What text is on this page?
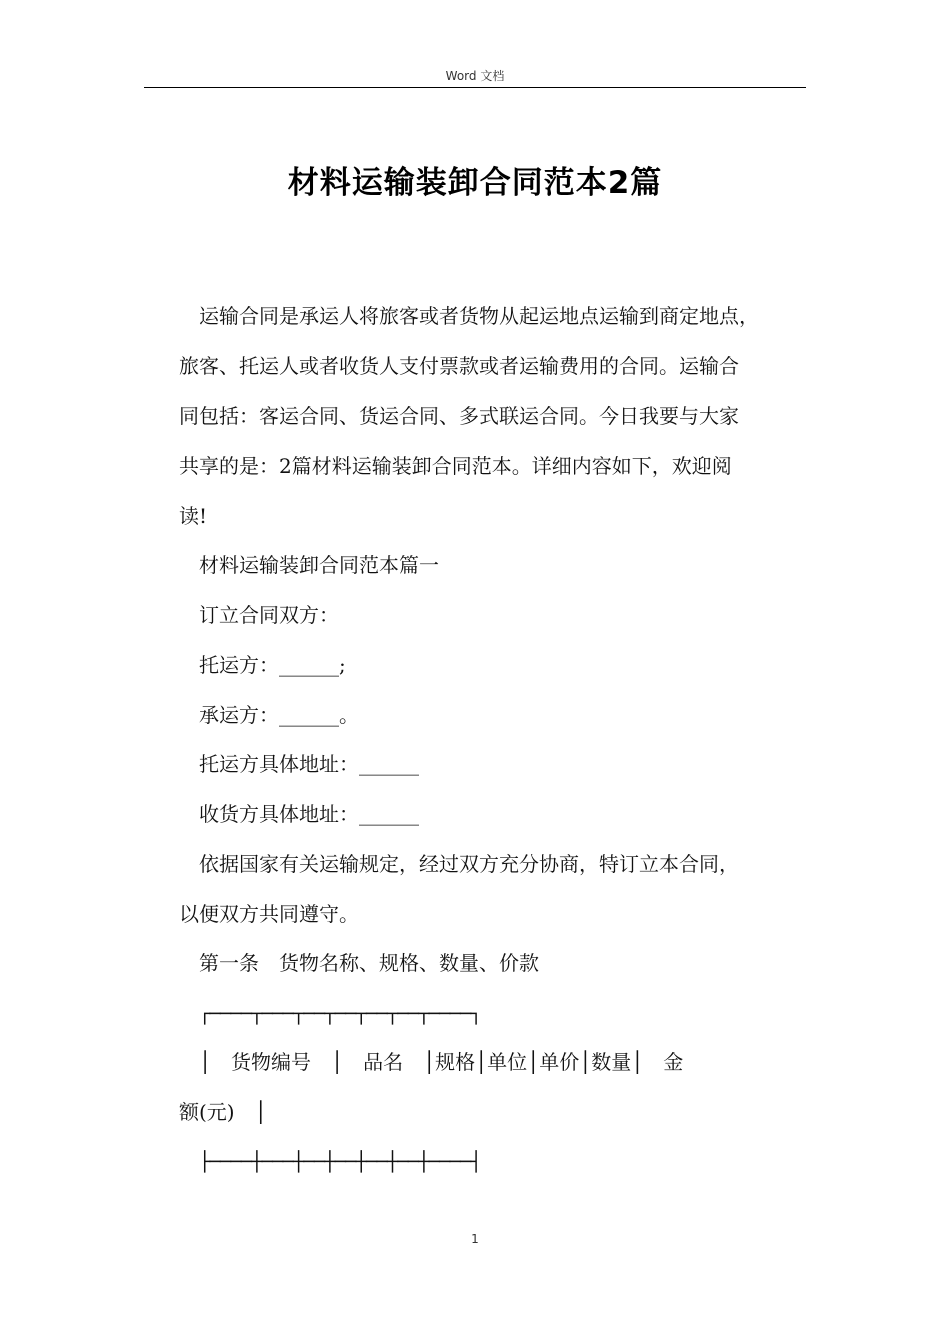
Word 文档
材料运输装卸合同范本2篇
运输合同是承运人将旅客或者货物从起运地点运输到商定地点，
旅客、托运人或者收货人支付票款或者运输费用的合同。运输合
同包括：客运合同、货运合同、多式联运合同。今日我要与大家
共享的是：2篇材料运输装卸合同范本。详细内容如下，欢迎阅
读!
材料运输装卸合同范本篇一
订立合同双方：
托运方：______;
承运方：______。
托运方具体地址：______
收货方具体地址：______
依据国家有关运输规定，经过双方充分协商，特订立本合同，
以便双方共同遵守。
第一条　货物名称、规格、数量、价款
┌────┬───┬──┬──┬──┬──┬────┐
│　货物编号　│　品名　│规格│单位│单价│数量│　金
额(元)　│
├────┼───┼──┼──┼──┼──┼────┤
1
